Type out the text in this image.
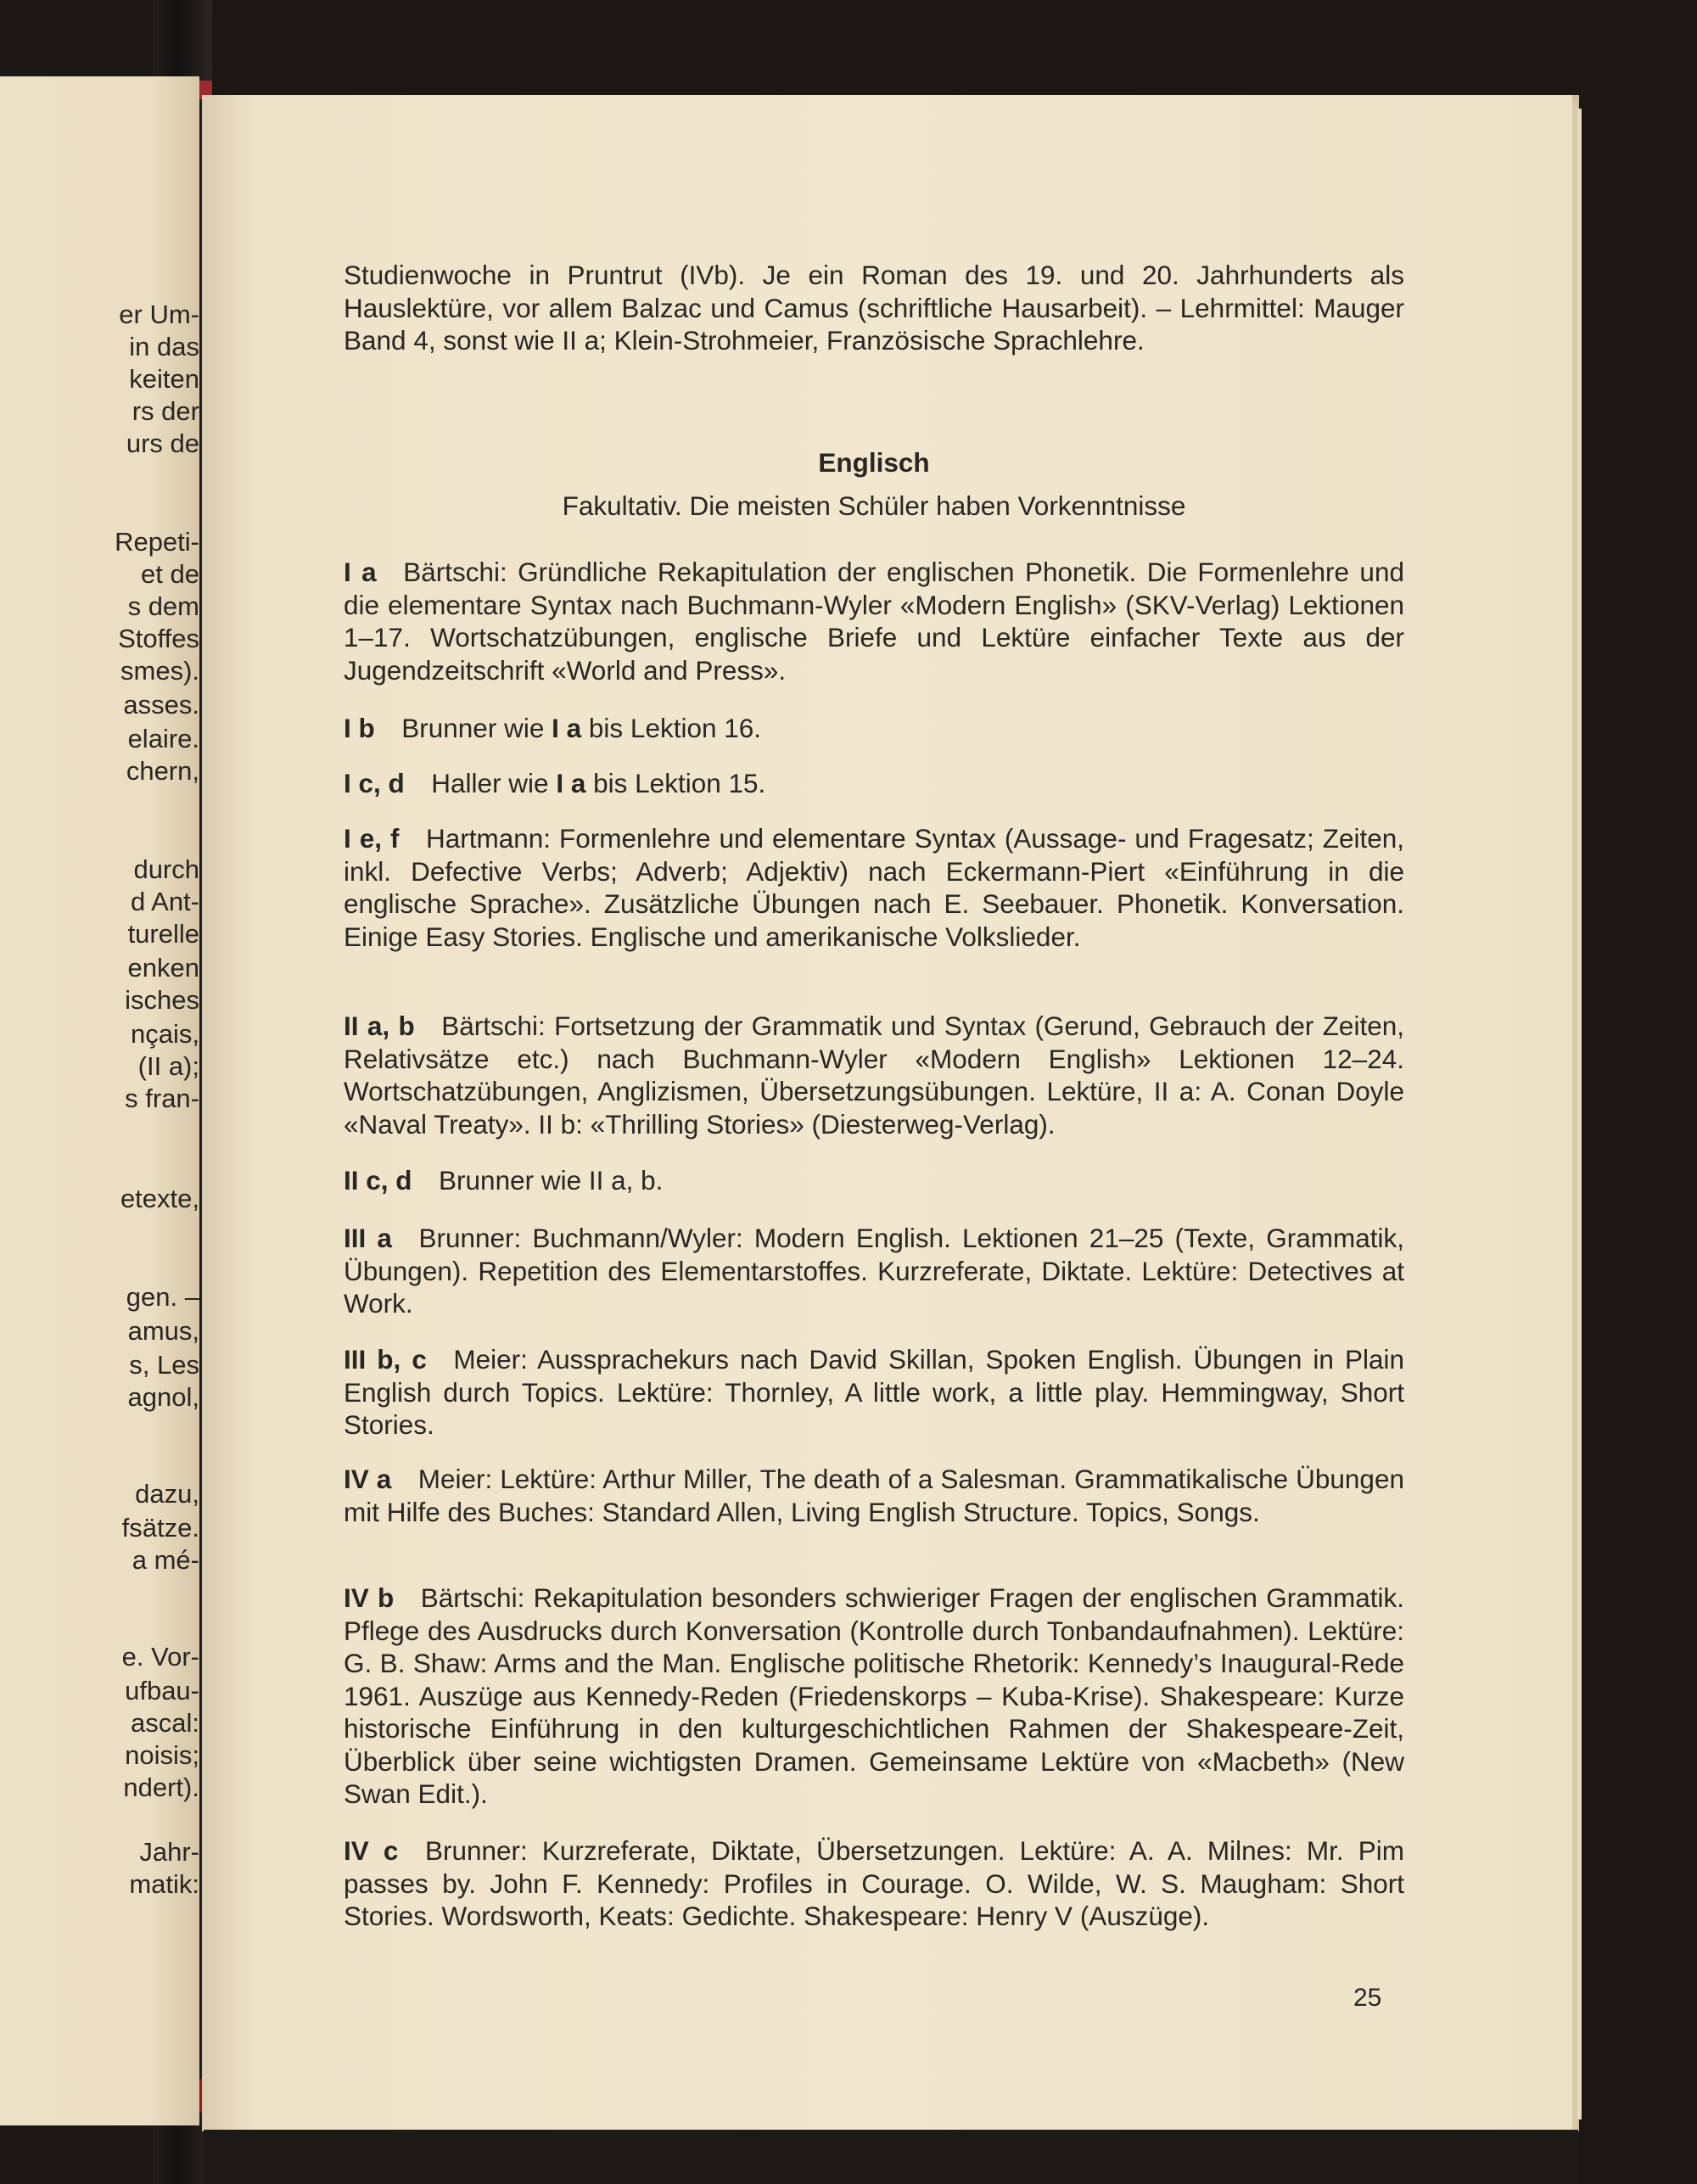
er Um-
in das
keiten
rs der
urs de
Repeti-
et de
s dem
Stoffes
smes).
asses.
elaire.
chern,
durch
d Ant-
turelle
enken
isches
nçais,
(II a);
s fran-
etexte,
gen. –
amus,
s, Les
agnol,
dazu,
fsätze.
a mé-
e. Vor-
ufbau-
ascal:
noisis;
ndert).
Jahr-
matik:

Studienwoche in Pruntrut (IVb). Je ein Roman des 19. und 20. Jahrhunderts als Hauslektüre, vor allem Balzac und Camus (schriftliche Hausarbeit). – Lehrmittel: Mauger Band 4, sonst wie II a; Klein-Strohmeier, Französische Sprachlehre.

Englisch
Fakultativ. Die meisten Schüler haben Vorkenntnisse

I a  Bärtschi: Gründliche Rekapitulation der englischen Phonetik. Die Formenlehre und die elementare Syntax nach Buchmann-Wyler «Modern English» (SKV-Verlag) Lektionen 1–17. Wortschatzübungen, englische Briefe und Lektüre einfacher Texte aus der Jugendzeitschrift «World and Press».

I b  Brunner wie I a bis Lektion 16.

I c, d  Haller wie I a bis Lektion 15.

I e, f  Hartmann: Formenlehre und elementare Syntax (Aussage- und Fragesatz; Zeiten, inkl. Defective Verbs; Adverb; Adjektiv) nach Eckermann-Piert «Einführung in die englische Sprache». Zusätzliche Übungen nach E. Seebauer. Phonetik. Konversation. Einige Easy Stories. Englische und amerikanische Volkslieder.

II a, b  Bärtschi: Fortsetzung der Grammatik und Syntax (Gerund, Gebrauch der Zeiten, Relativsätze etc.) nach Buchmann-Wyler «Modern English» Lektionen 12–24. Wortschatzübungen, Anglizismen, Übersetzungsübungen. Lektüre, II a: A. Conan Doyle «Naval Treaty». II b: «Thrilling Stories» (Diesterweg-Verlag).

II c, d  Brunner wie II a, b.

III a  Brunner: Buchmann/Wyler: Modern English. Lektionen 21–25 (Texte, Grammatik, Übungen). Repetition des Elementarstoffes. Kurzreferate, Diktate. Lektüre: Detectives at Work.

III b, c  Meier: Aussprachekurs nach David Skillan, Spoken English. Übungen in Plain English durch Topics. Lektüre: Thornley, A little work, a little play. Hemmingway, Short Stories.

IV a  Meier: Lektüre: Arthur Miller, The death of a Salesman. Grammatikalische Übungen mit Hilfe des Buches: Standard Allen, Living English Structure. Topics, Songs.

IV b  Bärtschi: Rekapitulation besonders schwieriger Fragen der englischen Grammatik. Pflege des Ausdrucks durch Konversation (Kontrolle durch Tonbandaufnahmen). Lektüre: G. B. Shaw: Arms and the Man. Englische politische Rhetorik: Kennedy’s Inaugural-Rede 1961. Auszüge aus Kennedy-Reden (Friedenskorps – Kuba-Krise). Shakespeare: Kurze historische Einführung in den kulturgeschichtlichen Rahmen der Shakespeare-Zeit, Überblick über seine wichtigsten Dramen. Gemeinsame Lektüre von «Macbeth» (New Swan Edit.).

IV c  Brunner: Kurzreferate, Diktate, Übersetzungen. Lektüre: A. A. Milnes: Mr. Pim passes by. John F. Kennedy: Profiles in Courage. O. Wilde, W. S. Maugham: Short Stories. Wordsworth, Keats: Gedichte. Shakespeare: Henry V (Auszüge).

25
